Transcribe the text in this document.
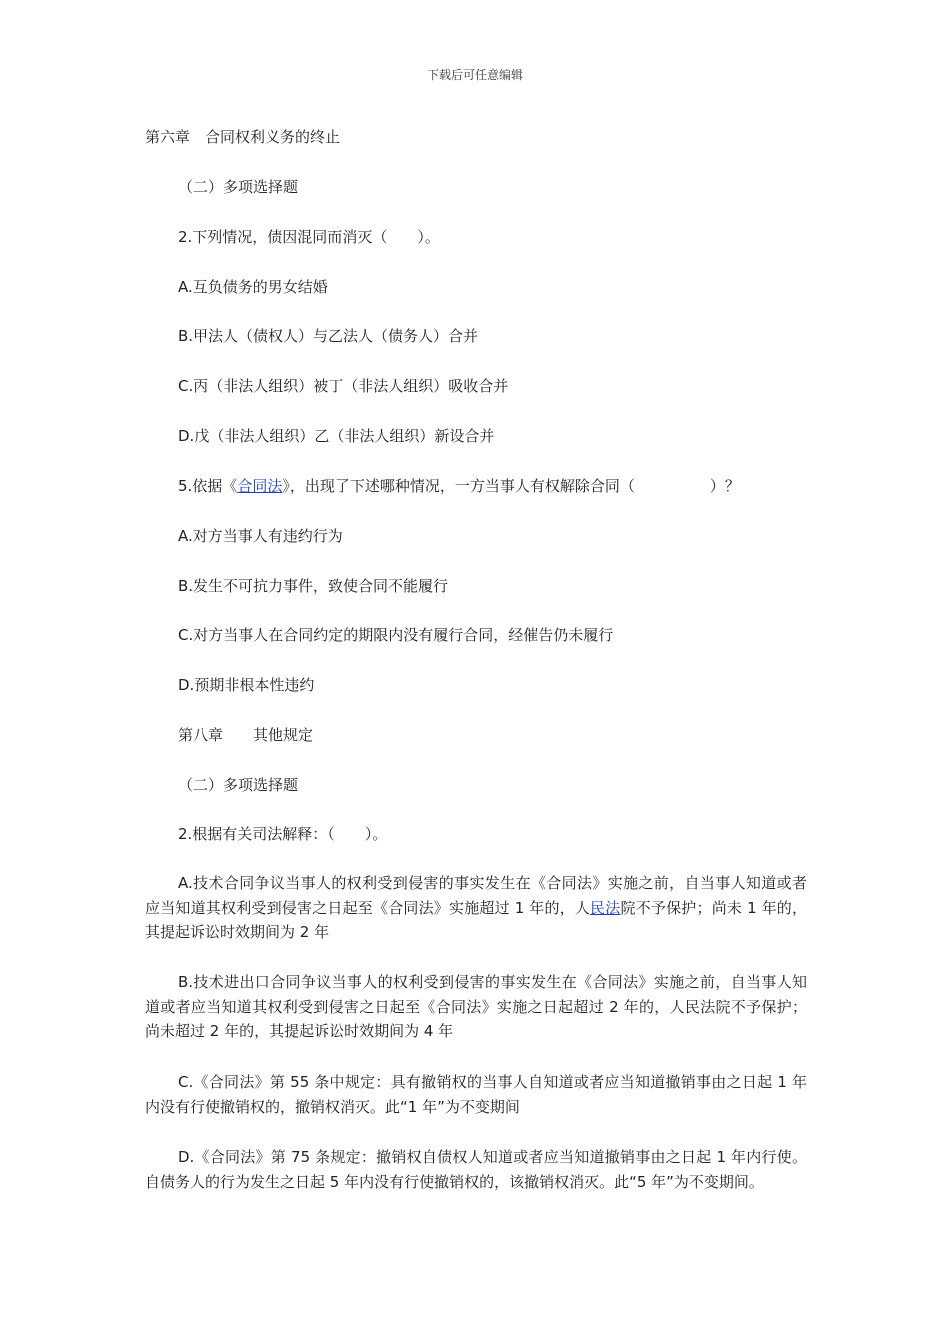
下载后可任意编辑
第六章　合同权利义务的终止
（二）多项选择题
2.下列情况，债因混同而消灭（　　）。
A.互负债务的男女结婚
B.甲法人（债权人）与乙法人（债务人）合并
C.丙（非法人组织）被丁（非法人组织）吸收合并
D.戊（非法人组织）乙（非法人组织）新设合并
5.依据《合同法》，出现了下述哪种情况，一方当事人有权解除合同（　　　　　）？
A.对方当事人有违约行为
B.发生不可抗力事件，致使合同不能履行
C.对方当事人在合同约定的期限内没有履行合同，经催告仍未履行
D.预期非根本性违约
第八章　　其他规定
（二）多项选择题
2.根据有关司法解释：（　　）。
A.技术合同争议当事人的权利受到侵害的事实发生在《合同法》实施之前，自当事人知道或者应当知道其权利受到侵害之日起至《合同法》实施超过 1 年的，人民法院不予保护；尚未 1 年的，其提起诉讼时效期间为 2 年
B.技术进出口合同争议当事人的权利受到侵害的事实发生在《合同法》实施之前，自当事人知道或者应当知道其权利受到侵害之日起至《合同法》实施之日起超过 2 年的，人民法院不予保护；尚未超过 2 年的，其提起诉讼时效期间为 4 年
C.《合同法》第 55 条中规定：具有撤销权的当事人自知道或者应当知道撤销事由之日起 1 年内没有行使撤销权的，撤销权消灭。此“1 年”为不变期间
D.《合同法》第 75 条规定：撤销权自债权人知道或者应当知道撤销事由之日起 1 年内行使。自债务人的行为发生之日起 5 年内没有行使撤销权的，该撤销权消灭。此“5 年”为不变期间。
